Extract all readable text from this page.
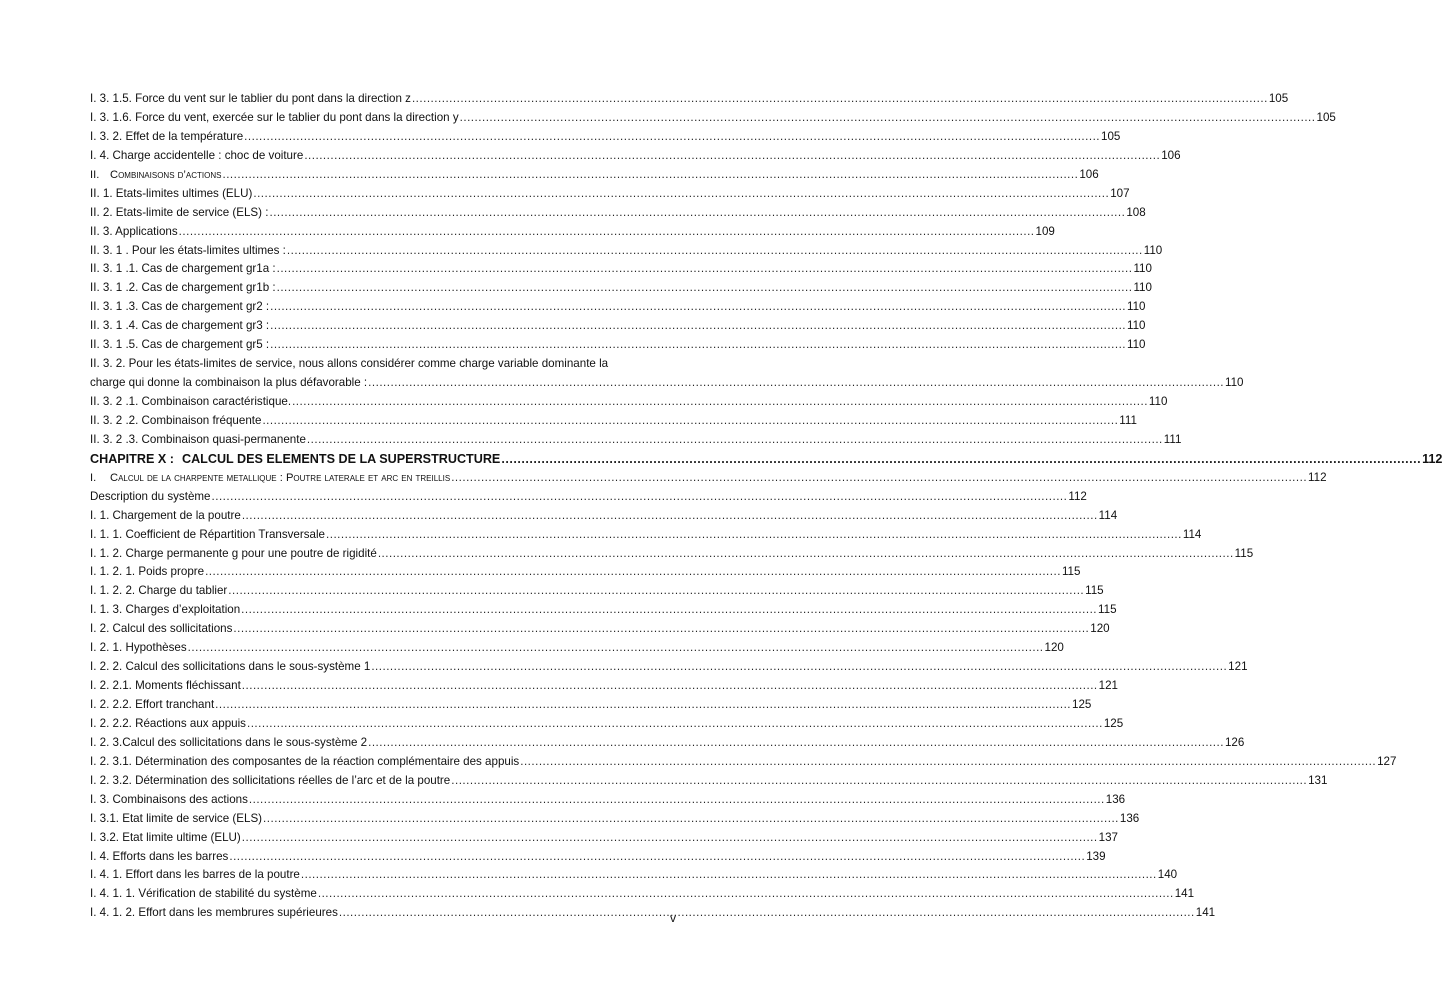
I. 3. 1.5. Force du vent sur le tablier du pont dans la direction z .....	105
I. 3. 1.6. Force du vent, exercée sur le tablier du pont dans la direction y .....	105
I. 3. 2. Effet de la température .....	105
I. 4. Charge accidentelle : choc de voiture .....	106
II. Combinaisons d’actions .....	106
II. 1. Etats-limites ultimes (ELU) .....	107
II. 2. Etats-limite de service (ELS) : .....	108
II. 3. Applications .....	109
II. 3. 1 . Pour les états-limites ultimes : .....	110
II. 3. 1 .1. Cas de chargement gr1a : .....	110
II. 3. 1 .2. Cas de chargement gr1b : .....	110
II. 3. 1 .3. Cas de chargement gr2 : .....	110
II. 3. 1 .4. Cas de chargement gr3 : .....	110
II. 3. 1 .5. Cas de chargement gr5 : .....	110
II. 3. 2. Pour les états-limites de service, nous allons considérer comme charge variable dominante la
charge qui donne la combinaison la plus défavorable : .....	110
II. 3. 2 .1. Combinaison caractéristique. .....	110
II. 3. 2 .2. Combinaison fréquente .....	111
II. 3. 2 .3. Combinaison quasi-permanente .....	111
CHAPITRE X : CALCUL DES ELEMENTS DE LA SUPERSTRUCTURE .....	112
I. Calcul de la charpente metallique : Poutre laterale et arc en treillis .....	112
Description du système .....	112
I. 1. Chargement de la poutre .....	114
I. 1. 1. Coefficient de Répartition Transversale .....	114
I. 1. 2. Charge permanente g pour une poutre de rigidité .....	115
I. 1. 2. 1. Poids propre .....	115
I. 1. 2. 2. Charge du tablier .....	115
I. 1. 3. Charges d’exploitation .....	115
I. 2. Calcul des sollicitations .....	120
I. 2. 1. Hypothèses .....	120
I. 2. 2. Calcul des sollicitations dans le sous-système 1 .....	121
I. 2. 2.1. Moments fléchissant .....	121
I. 2. 2.2. Effort tranchant .....	125
I. 2. 2.2. Réactions aux appuis .....	125
I. 2. 3.Calcul des sollicitations dans le sous-système 2 .....	126
I. 2. 3.1. Détermination des composantes de la réaction complémentaire des appuis .....	127
I. 2. 3.2. Détermination des sollicitations réelles de l’arc et de la poutre .....	131
I. 3. Combinaisons des actions .....	136
I. 3.1. Etat limite de service (ELS) .....	136
I. 3.2. Etat limite ultime (ELU) .....	137
I. 4. Efforts dans les barres .....	139
I. 4. 1. Effort dans les barres de la poutre .....	140
I. 4. 1. 1. Vérification de stabilité du système .....	141
I. 4. 1. 2. Effort dans les membrures supérieures .....	141
v
